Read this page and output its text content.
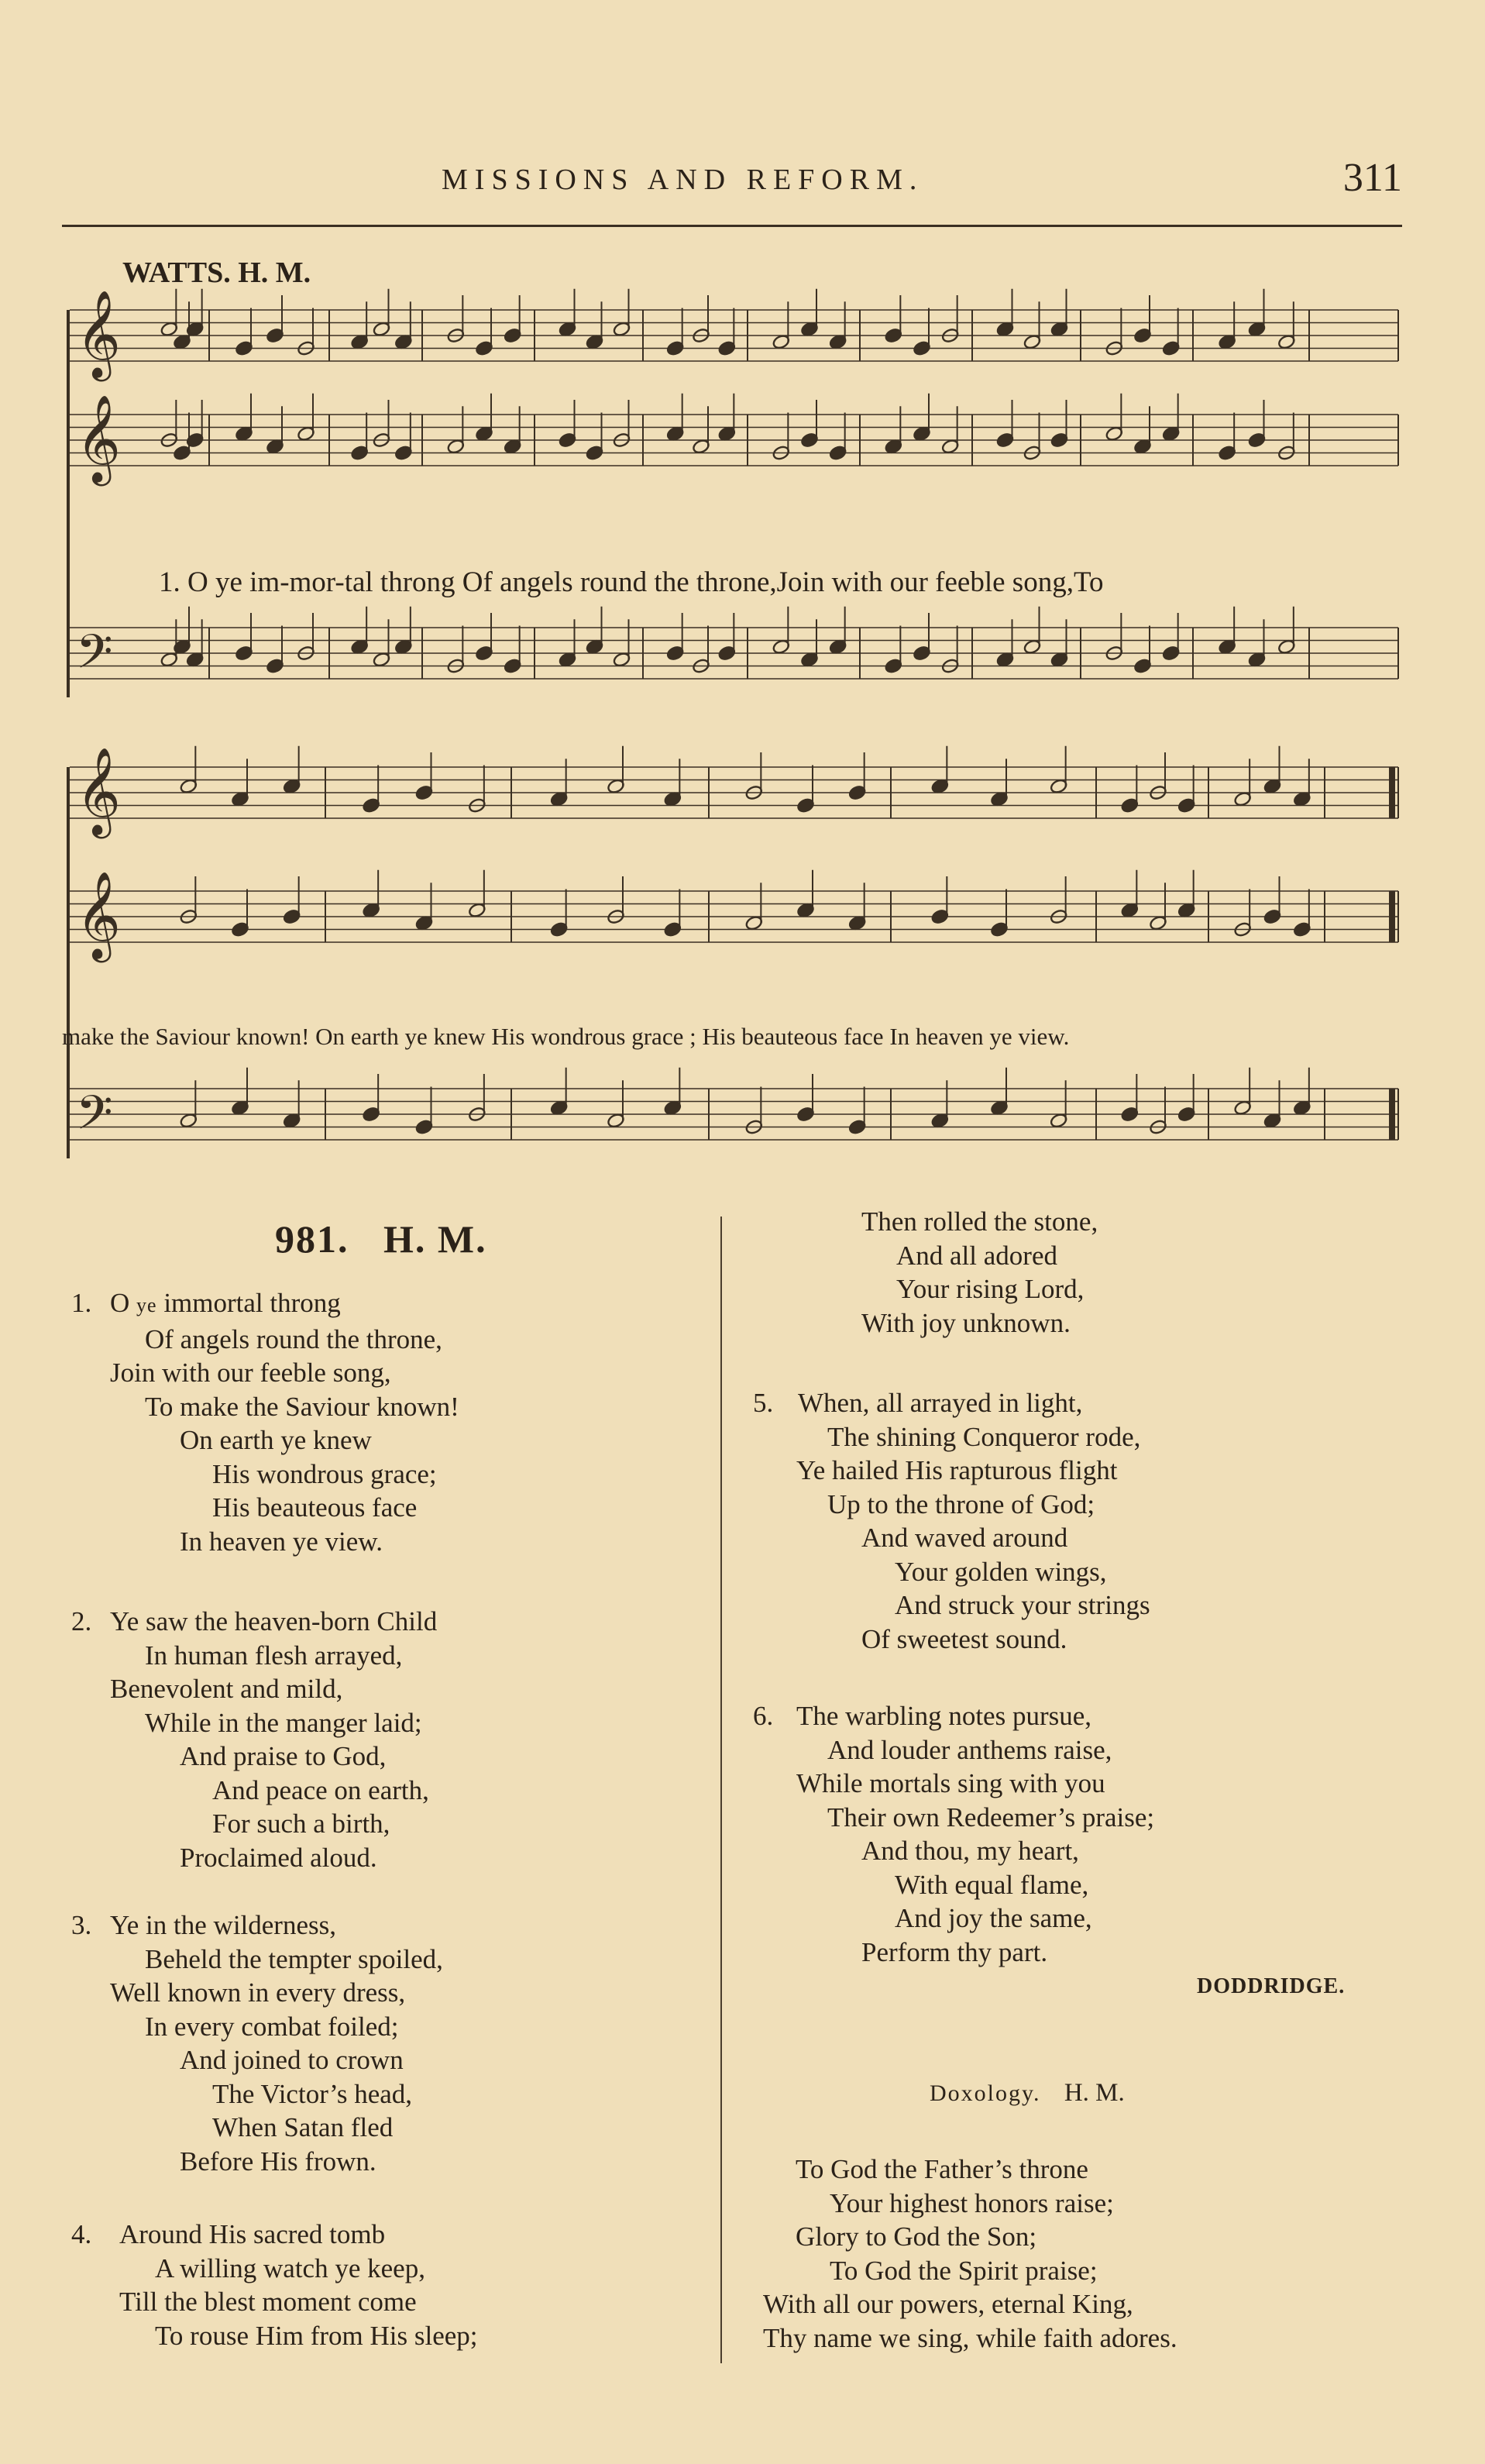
MISSIONS AND REFORM.	311
WATTS. H. M.
𝄞
𝄞
𝄢
𝄞
𝄞
𝄢
1. O ye im-mor-tal throng Of angels round the throne,Join with our feeble song,To
make the Saviour known! On earth ye knew His wondrous grace ; His beauteous face In heaven ye view.
981. H. M.
1. O ye immortal throng
Of angels round the throne,
Join with our feeble song,
To make the Saviour known!
On earth ye knew
His wondrous grace;
His beauteous face
In heaven ye view.
2. Ye saw the heaven-born Child
In human flesh arrayed,
Benevolent and mild,
While in the manger laid;
And praise to God,
And peace on earth,
For such a birth,
Proclaimed aloud.
3. Ye in the wilderness,
Beheld the tempter spoiled,
Well known in every dress,
In every combat foiled;
And joined to crown
The Victor’s head,
When Satan fled
Before His frown.
4.	Around His sacred tomb
A willing watch ye keep,
Till the blest moment come
To rouse Him from His sleep;
Then rolled the stone,
And all adored
Your rising Lord,
With joy unknown.
5. When, all arrayed in light,
The shining Conqueror rode,
Ye hailed His rapturous flight
Up to the throne of God;
And waved around
Your golden wings,
And struck your strings
Of sweetest sound.
6. The warbling notes pursue,
And louder anthems raise,
While mortals sing with you
Their own Redeemer’s praise;
And thou, my heart,
With equal flame,
And joy the same,
Perform thy part.
DODDRIDGE.
Doxology. H. M.
To God the Father’s throne
Your highest honors raise;
Glory to God the Son;
To God the Spirit praise;
With all our powers, eternal King,
Thy name we sing, while faith adores.
